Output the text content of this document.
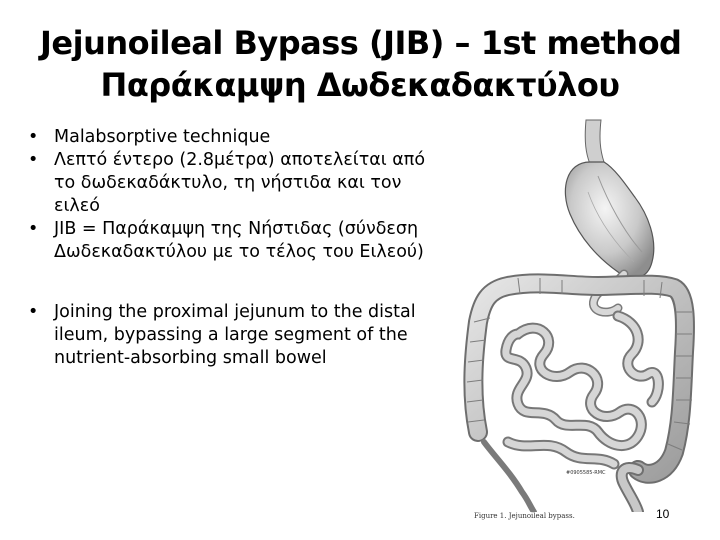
Jejunoileal Bypass (JIB) – 1st method
Παράκαμψη Δωδεκαδακτύλου
• Malabsorptive technique
• Λεπτό έντερο (2.8μέτρα) αποτελείται από το δωδεκαδάκτυλο, τη νήστιδα και τον ειλεό
• JIB = Παράκαμψη της Νήστιδας (σύνδεση Δωδεκαδακτύλου με το τέλος του Ειλεού)
• Joining the proximal jejunum to the distal ileum, bypassing a large segment of the nutrient-absorbing small bowel
#0905585-RMC
Figure 1. Jejunoileal bypass.	10
